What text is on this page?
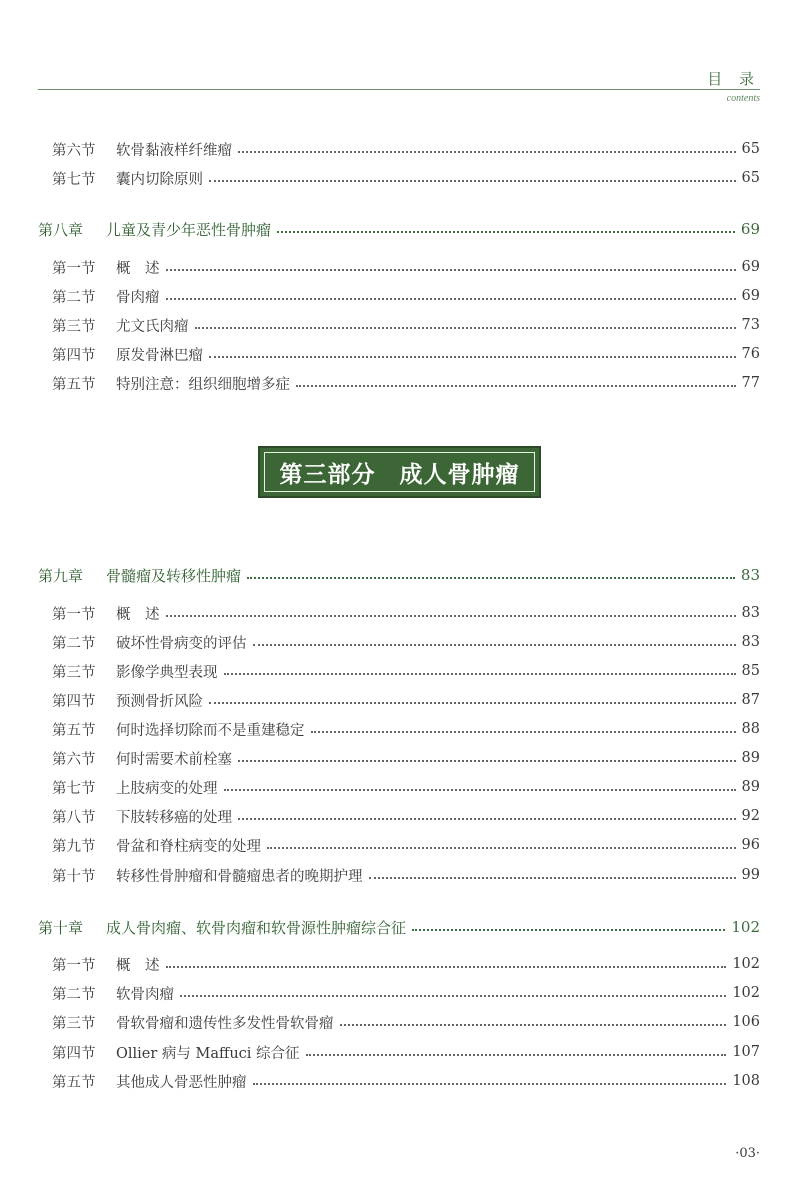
目 录
contents
第六节	软骨黏液样纤维瘤	65
第七节	囊内切除原则	65
第八章	儿童及青少年恶性骨肿瘤	69
第一节	概　述	69
第二节	骨肉瘤	69
第三节	尤文氏肉瘤	73
第四节	原发骨淋巴瘤	76
第五节	特别注意：组织细胞增多症	77
第三部分　成人骨肿瘤
第九章	骨髓瘤及转移性肿瘤	83
第一节	概　述	83
第二节	破坏性骨病变的评估	83
第三节	影像学典型表现	85
第四节	预测骨折风险	87
第五节	何时选择切除而不是重建稳定	88
第六节	何时需要术前栓塞	89
第七节	上肢病变的处理	89
第八节	下肢转移癌的处理	92
第九节	骨盆和脊柱病变的处理	96
第十节	转移性骨肿瘤和骨髓瘤患者的晚期护理	99
第十章	成人骨肉瘤、软骨肉瘤和软骨源性肿瘤综合征	102
第一节	概　述	102
第二节	软骨肉瘤	102
第三节	骨软骨瘤和遗传性多发性骨软骨瘤	106
第四节	Ollier 病与 Maffuci 综合征	107
第五节	其他成人骨恶性肿瘤	108
·03·
